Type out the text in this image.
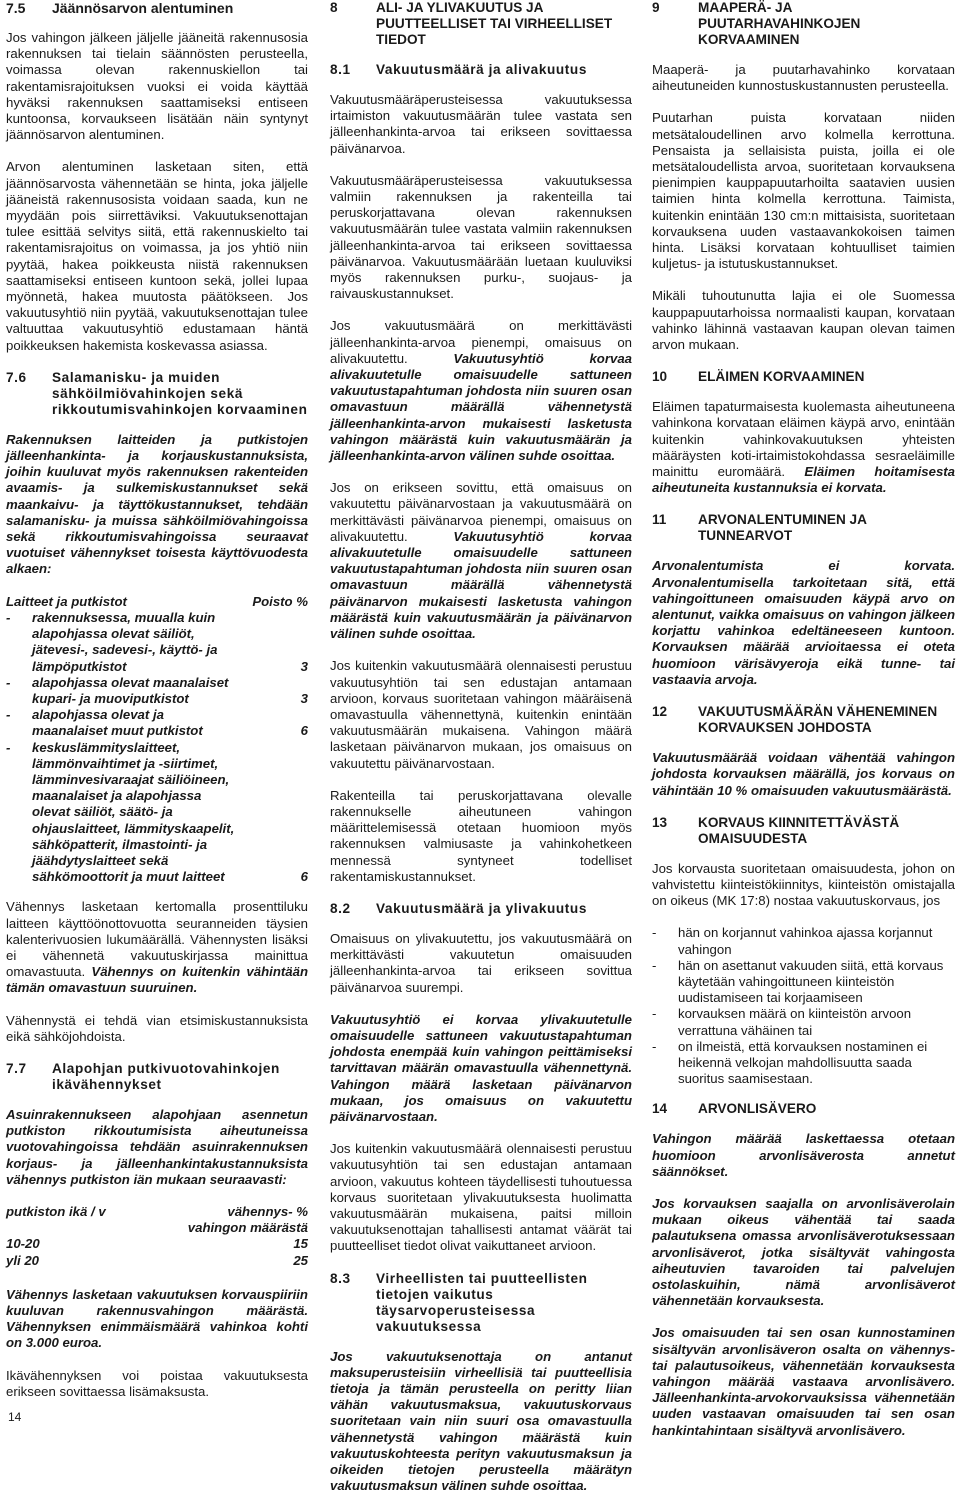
7.5	Jäännösarvon alentuminen

Jos vahingon jälkeen jäljelle jääneitä rakennusosia rakennuksen tai tielain säännösten perusteella, voimassa olevan rakennuskiellon tai rakentamisrajoituksen vuoksi ei voida käyttää hyväksi rakennuksen saattamiseksi entiseen kuntoonsa, korvaukseen lisätään näin syntynyt jäännösarvon alentuminen.

Arvon alentuminen lasketaan siten, että jäännösarvosta vähennetään se hinta, joka jäljelle jääneistä rakennusosista voidaan saada, kun ne myydään pois siirrettäviksi. Vakuutuksenottajan tulee esittää selvitys siitä, että rakennuskielto tai rakentamisrajoitus on voimassa, ja jos yhtiö niin pyytää, hakea poikkeusta niistä rakennuksen saattamiseksi entiseen kuntoon sekä, jollei lupaa myönnetä, hakea muutosta päätökseen. Jos vakuutusyhtiö niin pyytää, vakuutuksenottajan tulee valtuuttaa vakuutusyhtiö edustamaan häntä poikkeuksen hakemista koskevassa asiassa.

7.6	Salamanisku- ja muiden sähköilmiövahinkojen sekä rikkoutumisvahinkojen korvaaminen

Rakennuksen laitteiden ja putkistojen jälleenhankinta- ja korjauskustannuksista, joihin kuuluvat myös rakennuksen rakenteiden avaamis- ja sulkemiskustannukset sekä maankaivu- ja täyttökustannukset, tehdään salamanisku- ja muissa sähköilmiövahingoissa sekä rikkoutumisvahingoissa seuraavat vuotuiset vähennykset toisesta käyttövuodesta alkaen:

Laitteet ja putkistot		Poisto %
-	rakennuksessa, muualla kuin alapohjassa olevat säiliöt, jätevesi-, sadevesi-, käyttö- ja lämpöputkistot	3
-	alapohjassa olevat maanalaiset kupari- ja muoviputkistot	3
-	alapohjassa olevat ja maanalaiset muut putkistot	6
-	keskuslämmityslaitteet, lämmönvaihtimet ja -siirtimet, lämminvesivaraajat säiliöineen, maanalaiset ja alapohjassa olevat säiliöt, säätö- ja ohjauslaitteet, lämmityskaapelit, sähköpatterit, ilmastointi- ja jäähdytyslaitteet sekä sähkömoottorit ja muut laitteet	6

Vähennys lasketaan kertomalla prosenttiluku laitteen käyttöönottovuotta seuranneiden täysien kalenterivuosien lukumäärällä. Vähennysten lisäksi ei vähennetä vakuutuskirjassa mainittua omavastuuta. Vähennys on kuitenkin vähintään tämän omavastuun suuruinen.

Vähennystä ei tehdä vian etsimiskustannuksista eikä sähköjohdoista.

7.7	Alapohjan putkivuotovahinkojen ikävähennykset

Asuinrakennukseen alapohjaan asennetun putkiston rikkoutumisista aiheutuneissa vuotovahingoissa tehdään asuinrakennuksen korjaus- ja jälleenhankintakustannuksista vähennys putkiston iän mukaan seuraavasti:

putkiston ikä / v	vähennys- %
vahingon määrästä
10-20	15
yli 20	25

Vähennys lasketaan vakuutuksen korvauspiiriin kuuluvan rakennusvahingon määrästä. Vähennyksen enimmäismäärä vahinkoa kohti on 3.000 euroa.

Ikävähennyksen voi poistaa vakuutuksesta erikseen sovittaessa lisämaksusta.

8	ALI- JA YLIVAKUUTUS JA PUUTTEELLISET TAI VIRHEELLISET TIEDOT
8.1	Vakuutusmäärä ja alivakuutus

Vakuutusmääräperusteisessa vakuutuksessa irtaimiston vakuutusmäärän tulee vastata sen jälleenhankinta-arvoa tai erikseen sovittaessa päivänarvoa.

Vakuutusmääräperusteisessa vakuutuksessa valmiin rakennuksen ja rakenteilla tai peruskorjattavana olevan rakennuksen vakuutusmäärän tulee vastata valmiin rakennuksen jälleenhankinta-arvoa tai erikseen sovittaessa päivänarvoa. Vakuutusmäärään luetaan kuuluviksi myös rakennuksen purku-, suojaus- ja raivauskustannukset.

Jos vakuutusmäärä on merkittävästi jälleenhankinta-arvoa pienempi, omaisuus on alivakuutettu.	Vakuutusyhtiö korvaa alivakuutetulle omaisuudelle sattuneen vakuutustapahtuman johdosta niin suuren osan omavastuun määrällä vähennetystä jälleenhankinta-arvon mukaisesti lasketusta vahingon määrästä kuin vakuutusmäärän ja jälleenhankinta-arvon välinen suhde osoittaa.

Jos on erikseen sovittu, että omaisuus on vakuutettu päivänarvostaan ja vakuutusmäärä on merkittävästi päivänarvoa pienempi, omaisuus on alivakuutettu.	Vakuutusyhtiö korvaa alivakuutetulle omaisuudelle sattuneen vakuutustapahtuman johdosta niin suuren osan omavastuun määrällä vähennetystä päivänarvon mukaisesti lasketusta vahingon määrästä kuin vakuutusmäärän ja päivänarvon välinen suhde osoittaa.

Jos kuitenkin vakuutusmäärä olennaisesti perustuu vakuutusyhtiön tai sen edustajan antamaan arvioon, korvaus suoritetaan vahingon määräisenä omavastuulla vähennettynä, kuitenkin enintään vakuutusmäärän mukaisena. Vahingon määrä lasketaan päivänarvon mukaan, jos omaisuus on vakuutettu päivänarvostaan.

Rakenteilla tai peruskorjattavana olevalle rakennukselle aiheutuneen vahingon määrittelemisessä otetaan huomioon myös rakennuksen valmiusaste ja vahinkohetkeen mennessä syntyneet todelliset rakentamiskustannukset.

8.2	Vakuutusmäärä ja ylivakuutus

Omaisuus on ylivakuutettu, jos vakuutusmäärä on merkittävästi vakuutetun omaisuuden jälleenhankinta-arvoa tai erikseen sovittua päivänarvoa suurempi.

Vakuutusyhtiö ei korvaa ylivakuutetulle omaisuudelle sattuneen vakuutustapahtuman johdosta enempää kuin vahingon peittämiseksi tarvittavan määrän omavastuulla vähennettynä. Vahingon määrä lasketaan päivänarvon mukaan, jos omaisuus on vakuutettu päivänarvostaan.

Jos kuitenkin vakuutusmäärä olennaisesti perustuu vakuutusyhtiön tai sen edustajan antamaan arvioon, vakuutus kohteen täydellisesti tuhoutuessa korvaus suoritetaan ylivakuutuksesta huolimatta vakuutusmäärän mukaisena, paitsi milloin vakuutuksenottajan tahallisesti antamat väärät tai puutteelliset tiedot olivat vaikuttaneet arvioon.

8.3	Virheellisten tai puutteellisten tietojen vaikutus täysarvoperusteisessa vakuutuksessa

Jos vakuutuksenottaja on antanut maksuperusteisiin virheellisiä tai puutteellisia tietoja ja tämän perusteella on peritty liian vähän vakuutusmaksua, vakuutuskorvaus suoritetaan vain niin suuri osa omavastuulla vähennetystä vahingon määrästä kuin vakuutuskohteesta perityn vakuutusmaksun ja oikeiden tietojen perusteella määrätyn vakuutusmaksun välinen suhde osoittaa.

9	MAAPERÄ- JA PUUTARHAVAHINKOJEN KORVAAMINEN

Maaperä- ja puutarhavahinko korvataan aiheutuneiden kunnostuskustannusten perusteella.

Puutarhan puista korvataan niiden metsätaloudellinen arvo kolmella kerrottuna. Pensaista ja sellaisista puista, joilla ei ole metsätaloudellista arvoa, suoritetaan korvauksena pienimpien kauppapuutarhoilta saatavien uusien taimien hinta kolmella kerrottuna. Taimista, kuitenkin enintään 130 cm:n mittaisista, suoritetaan korvauksena uuden vastaavankokoisen taimen hinta. Lisäksi korvataan kohtuulliset taimien kuljetus- ja istutuskustannukset.

Mikäli tuhoutunutta lajia ei ole Suomessa kauppapuutarhoissa normaalisti kaupan, korvataan vahinko lähinnä vastaavan kaupan olevan taimen arvon mukaan.

10	ELÄIMEN KORVAAMINEN

Eläimen tapaturmaisesta kuolemasta aiheutuneena vahinkona korvataan eläimen käypä arvo, enintään kuitenkin vahinkovakuutuksen yhteisten määräysten koti-irtaimistokohdassa sesraeläimille mainittu euromäärä. Eläimen hoitamisesta aiheutuneita kustannuksia ei korvata.

11	ARVONALENTUMINEN JA TUNNEARVOT

Arvonalentumista ei korvata. Arvonalentumisella tarkoitetaan sitä, että vahingoittuneen omaisuuden käypä arvo on alentunut, vaikka omaisuus on vahingon jälkeen korjattu vahinkoa edeltäneeseen kuntoon. Korvauksen määrää arvioitaessa ei oteta huomioon värisävyeroja eikä tunne- tai vastaavia arvoja.

12	VAKUUTUSMÄÄRÄN VÄHENEMINEN KORVAUKSEN JOHDOSTA

Vakuutusmäärää voidaan vähentää vahingon johdosta korvauksen määrällä, jos korvaus on vähintään 10 % omaisuuden vakuutusmäärästä.

13	KORVAUS KIINNITETTÄVÄSTÄ OMAISUUDESTA

Jos korvausta suoritetaan omaisuudesta, johon on vahvistettu kiinteistökiinnitys, kiinteistön omistajalla on oikeus (MK 17:8) nostaa vakuutuskorvaus, jos

-	hän on korjannut vahinkoa ajassa korjannut vahingon
-	hän on asettanut vakuuden siitä, että korvaus käytetään vahingoittuneen kiinteistön uudistamiseen tai korjaamiseen
-	korvauksen määrä on kiinteistön arvoon verrattuna vähäinen tai
-	on ilmeistä, että korvauksen nostaminen ei heikennä velkojan mahdollisuutta saada suoritus saamisestaan.
14	ARVONLISÄVERO

Vahingon määrää laskettaessa otetaan huomioon arvonlisäverosta annetut säännökset.

Jos korvauksen saajalla on arvonlisäverolain mukaan oikeus vähentää tai saada palautuksena omassa arvonlisäverotuksessaan arvonlisäverot, jotka sisältyvät vahingosta aiheutuvien tavaroiden tai palvelujen ostolaskuihin, nämä arvonlisäverot vähennetään korvauksesta.

Jos omaisuuden tai sen osan kunnostaminen sisältyvän arvonlisäveron osalta on vähennys- tai palautusoikeus, vähennetään korvauksesta vahingon määrää vastaava arvonlisävero. Jälleenhankinta-arvokorvauksissa vähennetään uuden vastaavan omaisuuden tai sen osan hankintahintaan sisältyvä arvonlisävero.

14
